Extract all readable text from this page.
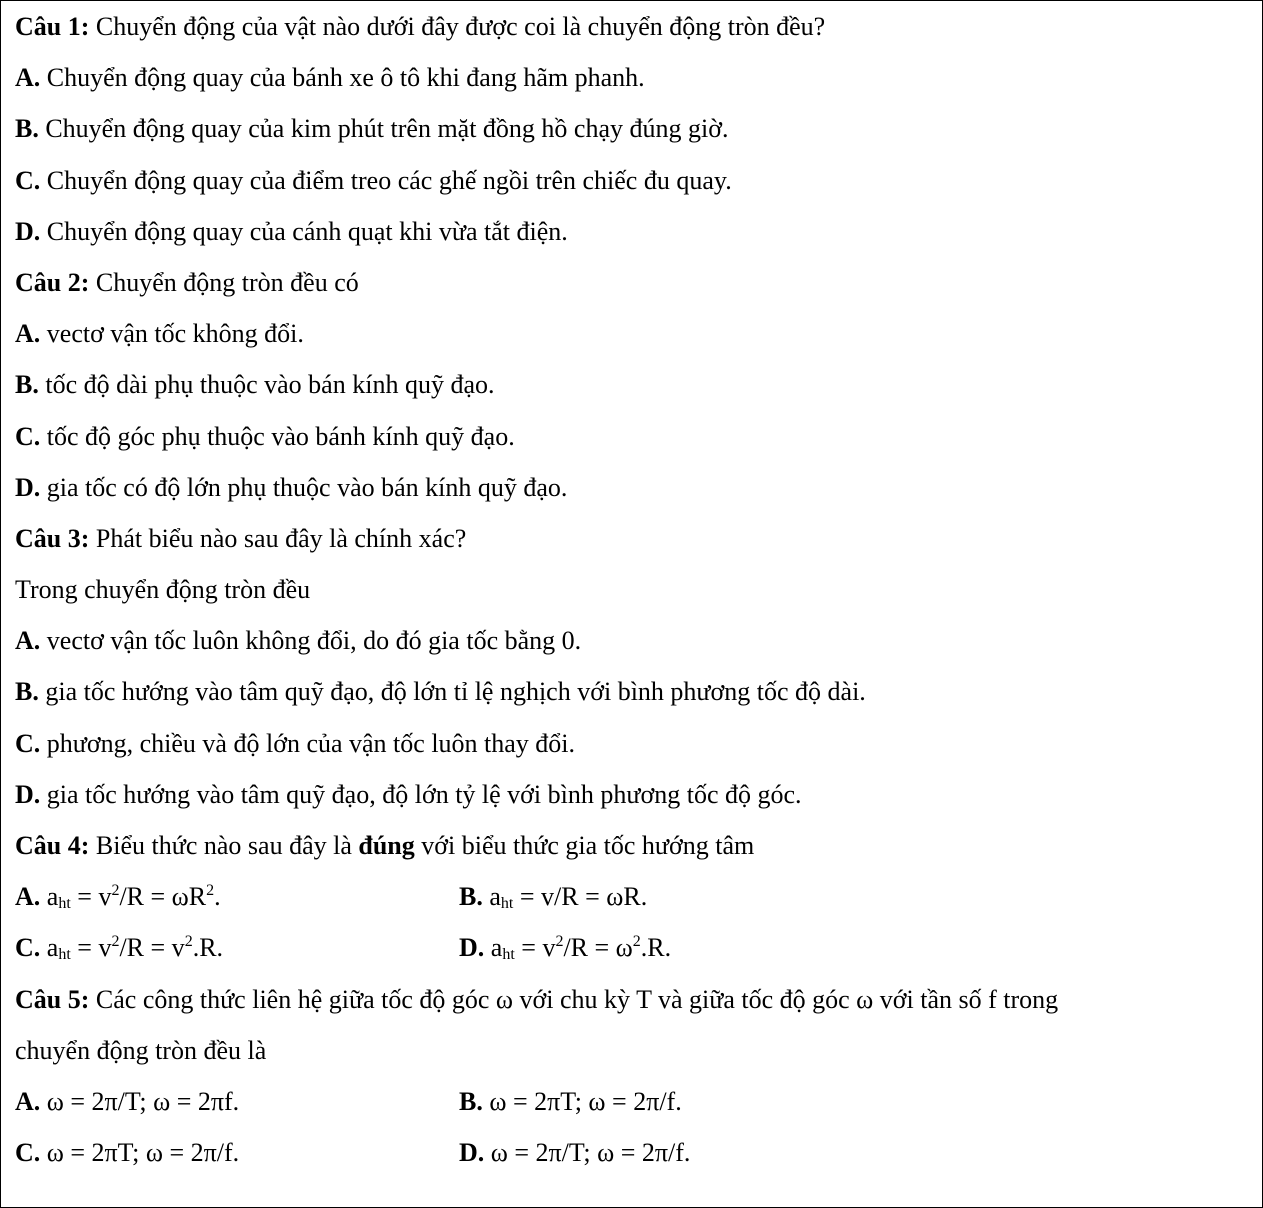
Câu 1: Chuyển động của vật nào dưới đây được coi là chuyển động tròn đều?
A. Chuyển động quay của bánh xe ô tô khi đang hãm phanh.
B. Chuyển động quay của kim phút trên mặt đồng hồ chạy đúng giờ.
C. Chuyển động quay của điểm treo các ghế ngồi trên chiếc đu quay.
D. Chuyển động quay của cánh quạt khi vừa tắt điện.
Câu 2: Chuyển động tròn đều có
A. vectơ vận tốc không đổi.
B. tốc độ dài phụ thuộc vào bán kính quỹ đạo.
C. tốc độ góc phụ thuộc vào bánh kính quỹ đạo.
D. gia tốc có độ lớn phụ thuộc vào bán kính quỹ đạo.
Câu 3: Phát biểu nào sau đây là chính xác?
Trong chuyển động tròn đều
A. vectơ vận tốc luôn không đổi, do đó gia tốc bằng 0.
B. gia tốc hướng vào tâm quỹ đạo, độ lớn tỉ lệ nghịch với bình phương tốc độ dài.
C. phương, chiều và độ lớn của vận tốc luôn thay đổi.
D. gia tốc hướng vào tâm quỹ đạo, độ lớn tỷ lệ với bình phương tốc độ góc.
Câu 4: Biểu thức nào sau đây là đúng với biểu thức gia tốc hướng tâm
A. $a_{ht} = v^2/R = \omega R^2$.	B. $a_{ht} = v/R = \omega R$.
C. $a_{ht} = v^2/R = v^2.R$.	D. $a_{ht} = v^2/R = \omega^2.R$.
Câu 5: Các công thức liên hệ giữa tốc độ góc ω với chu kỳ T và giữa tốc độ góc ω với tần số f trong
chuyển động tròn đều là
A. ω = 2π/T; ω = 2πf.	B. ω = 2πT; ω = 2π/f.
C. ω = 2πT; ω = 2π/f.	D. ω = 2π/T; ω = 2π/f.
